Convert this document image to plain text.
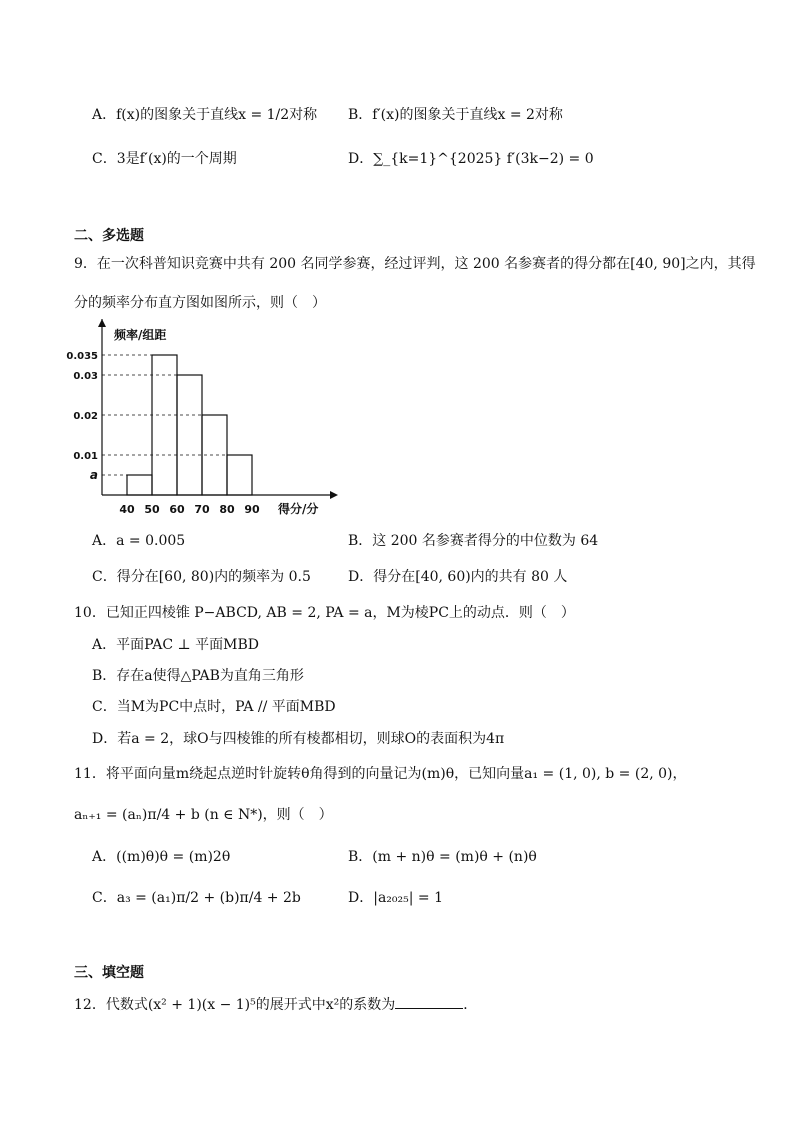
A．f(x)的图象关于直线x = 1/2对称 B．f′(x)的图象关于直线x = 2对称
C．3是f′(x)的一个周期	D．∑_{k=1}^{2025} f′(3k−2) = 0
二、多选题
9．在一次科普知识竞赛中共有 200 名同学参赛，经过评判，这 200 名参赛者的得分都在[40, 90]之内，其得
分的频率分布直方图如图所示，则（　）
频率/组距
得分/分
0.035
0.03
0.02
0.01
a
40 50 60 70 80 90
A．a = 0.005	B．这 200 名参赛者得分的中位数为 64
C．得分在[60, 80)内的频率为 0.5	D．得分在[40, 60)内的共有 80 人
10．已知正四棱锥 P−ABCD, AB = 2, PA = a，M为棱PC上的动点．则（　）
A．平面PAC ⊥ 平面MBD
B．存在a使得△PAB为直角三角形
C．当M为PC中点时，PA // 平面MBD
D．若a = 2，球O与四棱锥的所有棱都相切，则球O的表面积为4π
11．将平面向量m绕起点逆时针旋转θ角得到的向量记为(m)θ，已知向量a₁ = (1, 0), b = (2, 0)，
aₙ₊₁ = (aₙ)π/4 + b (n ∈ N*)，则（　）
A．((m)θ)θ = (m)2θ	B．(m + n)θ = (m)θ + (n)θ
C．a₃ = (a₁)π/2 + (b)π/4 + 2b	D．|a₂₀₂₅| = 1
三、填空题
12．代数式(x² + 1)(x − 1)⁵的展开式中x²的系数为	．
